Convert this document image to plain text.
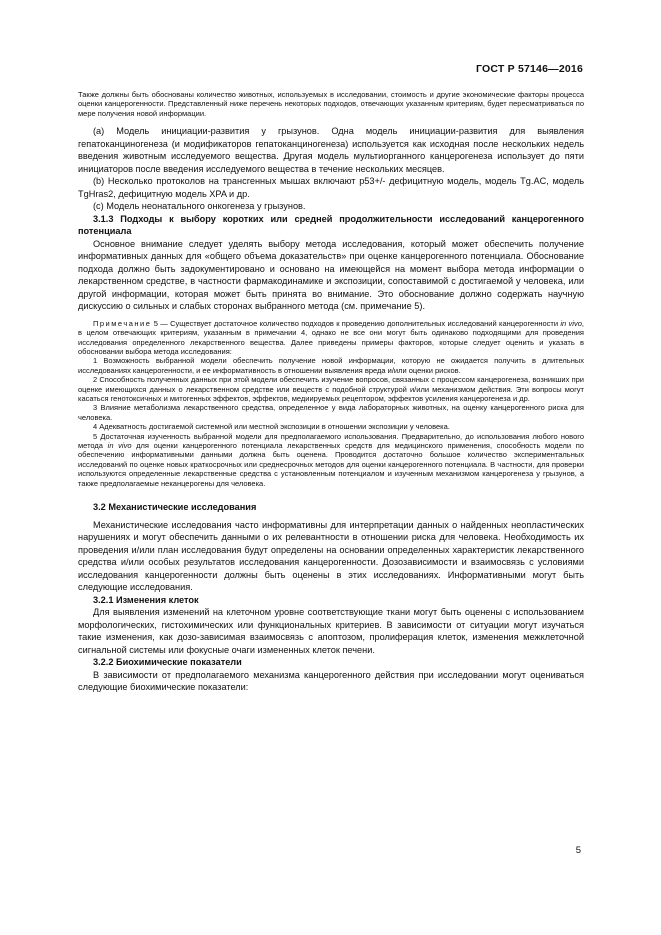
ГОСТ Р 57146—2016

Также должны быть обоснованы количество животных, используемых в исследовании, стоимость и другие экономические факторы процесса оценки канцерогенности. Представленный ниже перечень некоторых подходов, отвечающих указанным критериям, будет пересматриваться по мере получения новой информации.

(a) Модель инициации-развития у грызунов. Одна модель инициации-развития для выявления гепатоканциногенеза (и модификаторов гепатоканциногенеза) используется как исходная после нескольких недель введения животным исследуемого вещества. Другая модель мультиорганного канцерогенеза использует до пяти инициаторов после введения исследуемого вещества в течение нескольких месяцев.

(b) Несколько протоколов на трансгенных мышах включают p53+/- дефицитную модель, модель Tg.AC, модель TgHras2, дефицитную модель XPA и др.

(c) Модель неонатального онкогенеза у грызунов.

3.1.3 Подходы к выбору коротких или средней продолжительности исследований канцерогенного потенциала

Основное внимание следует уделять выбору метода исследования, который может обеспечить получение информативных данных для «общего объема доказательств» при оценке канцерогенного потенциала. Обоснование подхода должно быть задокументировано и основано на имеющейся на момент выбора метода информации о лекарственном средстве, в частности фармакодинамике и экспозиции, сопоставимой с достигаемой у человека, или другой информации, которая может быть принята во внимание. Это обоснование должно содержать научную дискуссию о сильных и слабых сторонах выбранного метода (см. примечание 5).

Примечание 5 — Существует достаточное количество подходов к проведению дополнительных исследований канцерогенности in vivo, в целом отвечающих критериям, указанным в примечании 4, однако не все они могут быть одинаково подходящими для проведения исследования определенного лекарственного вещества. Далее приведены примеры факторов, которые следует оценить и указать в обосновании выбора метода исследования:

1 Возможность выбранной модели обеспечить получение новой информации, которую не ожидается получить в длительных исследованиях канцерогенности, и ее информативность в отношении выявления вреда и/или оценки рисков.

2 Способность полученных данных при этой модели обеспечить изучение вопросов, связанных с процессом канцерогенеза, возникших при оценке имеющихся данных о лекарственном средстве или веществ с подобной структурой и/или механизмом действия. Эти вопросы могут касаться генотоксичных и митогенных эффектов, эффектов, медиируемых рецептором, эффектов усиления канцерогенеза и др.

3 Влияние метаболизма лекарственного средства, определенное у вида лабораторных животных, на оценку канцерогенного риска для человека.

4 Адекватность достигаемой системной или местной экспозиции в отношении экспозиции у человека.

5 Достаточная изученность выбранной модели для предполагаемого использования. Предварительно, до использования любого нового метода in vivo для оценки канцерогенного потенциала лекарственных средств для медицинского применения, способность модели по обеспечению информативными данными должна быть оценена. Проводится достаточно большое количество экспериментальных исследований по оценке новых краткосрочных или среднесрочных методов для оценки канцерогенного потенциала. В частности, для проверки используются определенные лекарственные средства с установленным потенциалом и изученным механизмом канцерогенеза у грызунов, а также предполагаемые неканцерогены для человека.

3.2 Механистические исследования

Механистические исследования часто информативны для интерпретации данных о найденных неопластических нарушениях и могут обеспечить данными о их релевантности в отношении риска для человека. Необходимость их проведения и/или план исследования будут определены на основании определенных характеристик лекарственного средства и/или особых результатов исследования канцерогенности. Дозозависимости и взаимосвязь с условиями исследования канцерогенности должны быть оценены в этих исследованиях. Информативными могут быть следующие исследования.

3.2.1 Изменения клеток

Для выявления изменений на клеточном уровне соответствующие ткани могут быть оценены с использованием морфологических, гистохимических или функциональных критериев. В зависимости от ситуации могут изучаться такие изменения, как дозо-зависимая взаимосвязь с апоптозом, пролиферация клеток, изменения межклеточной сигнальной системы или фокусные очаги измененных клеток печени.

3.2.2 Биохимические показатели

В зависимости от предполагаемого механизма канцерогенного действия при исследовании могут оцениваться следующие биохимические показатели:

5
